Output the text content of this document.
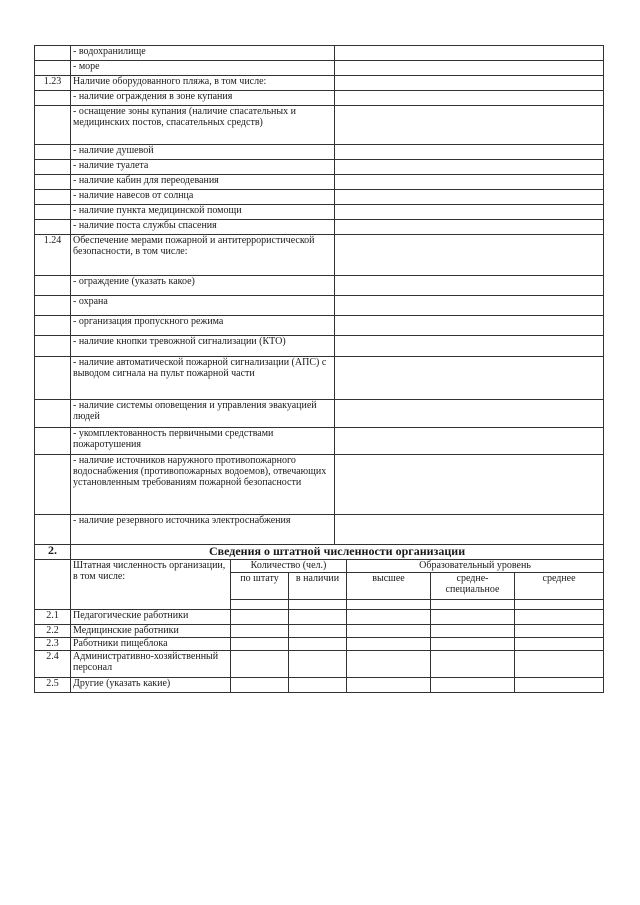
	- водохранилище	
	- море	
1.23	Наличие оборудованного пляжа, в том числе:	
	- наличие ограждения в зоне купания	
	- оснащение зоны купания (наличие спасательных и медицинских постов, спасательных средств)	
	- наличие душевой	
	- наличие туалета	
	- наличие кабин для переодевания	
	- наличие навесов от солнца	
	- наличие пункта медицинской помощи	
	- наличие поста службы спасения	
1.24	Обеспечение мерами пожарной и антитеррористической безопасности, в том числе:	
	- ограждение (указать какое)	
	- охрана	
	- организация пропускного режима	
	- наличие кнопки тревожной сигнализации (КТО)	
	- наличие автоматической пожарной сигнализации (АПС) с выводом сигнала на пульт пожарной части	
	- наличие системы оповещения и управления эвакуацией людей	
	- укомплектованность первичными средствами пожаротушения	
	- наличие источников наружного противопожарного водоснабжения (противопожарных водоемов), отвечающих установленным требованиям пожарной безопасности	
	- наличие резервного источника электроснабжения	
2.	Сведения о штатной численности организации					
	Штатная численность организации, в том числе:	Количество (чел.)		Образовательный уровень		
		по штату	в наличии	высшее	средне-специальное	среднее

2.1	Педагогические работники					
2.2	Медицинские работники					
2.3	Работники пищеблока					
2.4	Административно-хозяйственный персонал					
2.5	Другие (указать какие)					
